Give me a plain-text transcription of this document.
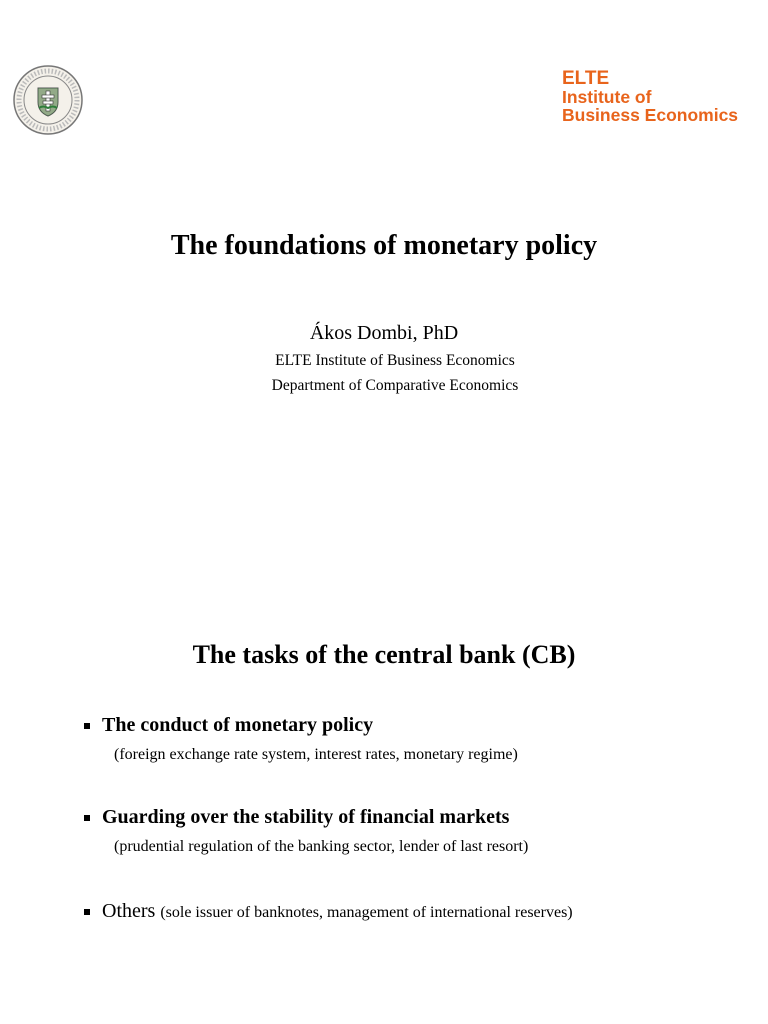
ELTE
Institute of
Business Economics
The foundations of monetary policy
Ákos Dombi, PhD
ELTE Institute of Business Economics
Department of Comparative Economics
The tasks of the central bank (CB)
The conduct of monetary policy
(foreign exchange rate system, interest rates, monetary regime)
Guarding over the stability of financial markets
(prudential regulation of the banking sector, lender of last resort)
Others (sole issuer of banknotes, management of international reserves)
